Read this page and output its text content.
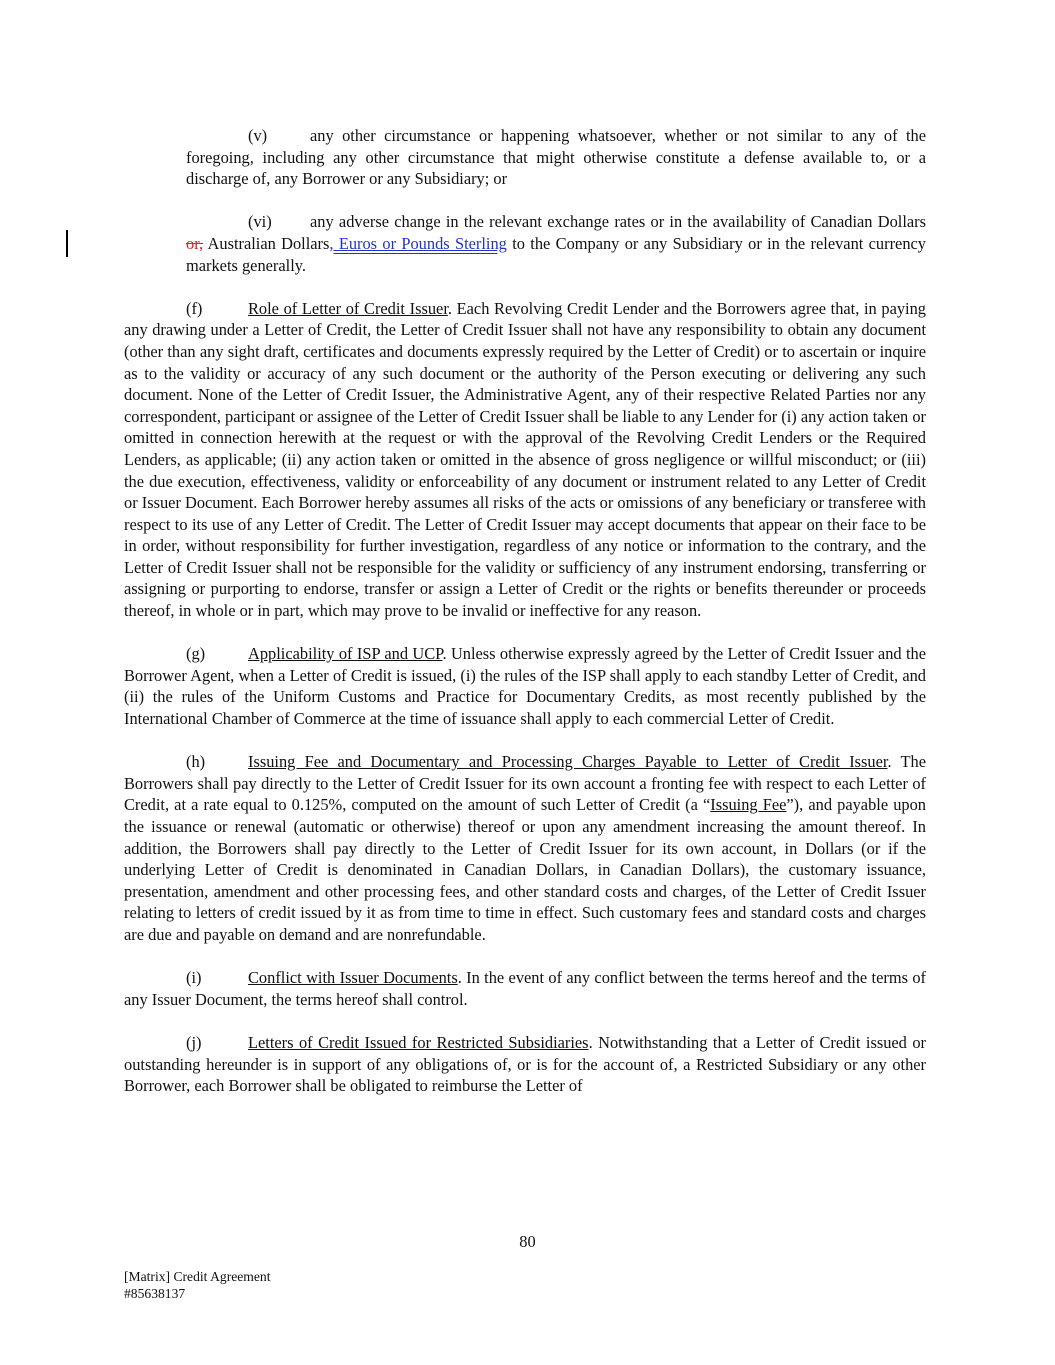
(v)	any other circumstance or happening whatsoever, whether or not similar to any of the foregoing, including any other circumstance that might otherwise constitute a defense available to, or a discharge of, any Borrower or any Subsidiary; or

(vi) any adverse change in the relevant exchange rates or in the availability of Canadian Dollars or, Australian Dollars, Euros or Pounds Sterling to the Company or any Subsidiary or in the relevant currency markets generally.

(f)	Role of Letter of Credit Issuer. Each Revolving Credit Lender and the Borrowers agree that, in paying any drawing under a Letter of Credit, the Letter of Credit Issuer shall not have any responsibility to obtain any document (other than any sight draft, certificates and documents expressly required by the Letter of Credit) or to ascertain or inquire as to the validity or accuracy of any such document or the authority of the Person executing or delivering any such document. None of the Letter of Credit Issuer, the Administrative Agent, any of their respective Related Parties nor any correspondent, participant or assignee of the Letter of Credit Issuer shall be liable to any Lender for (i) any action taken or omitted in connection herewith at the request or with the approval of the Revolving Credit Lenders or the Required Lenders, as applicable; (ii) any action taken or omitted in the absence of gross negligence or willful misconduct; or (iii) the due execution, effectiveness, validity or enforceability of any document or instrument related to any Letter of Credit or Issuer Document. Each Borrower hereby assumes all risks of the acts or omissions of any beneficiary or transferee with respect to its use of any Letter of Credit. The Letter of Credit Issuer may accept documents that appear on their face to be in order, without responsibility for further investigation, regardless of any notice or information to the contrary, and the Letter of Credit Issuer shall not be responsible for the validity or sufficiency of any instrument endorsing, transferring or assigning or purporting to endorse, transfer or assign a Letter of Credit or the rights or benefits thereunder or proceeds thereof, in whole or in part, which may prove to be invalid or ineffective for any reason.

(g)	Applicability of ISP and UCP. Unless otherwise expressly agreed by the Letter of Credit Issuer and the Borrower Agent, when a Letter of Credit is issued, (i) the rules of the ISP shall apply to each standby Letter of Credit, and (ii) the rules of the Uniform Customs and Practice for Documentary Credits, as most recently published by the International Chamber of Commerce at the time of issuance shall apply to each commercial Letter of Credit.

(h)	Issuing Fee and Documentary and Processing Charges Payable to Letter of Credit Issuer. The Borrowers shall pay directly to the Letter of Credit Issuer for its own account a fronting fee with respect to each Letter of Credit, at a rate equal to 0.125%, computed on the amount of such Letter of Credit (a “Issuing Fee”), and payable upon the issuance or renewal (automatic or otherwise) thereof or upon any amendment increasing the amount thereof. In addition, the Borrowers shall pay directly to the Letter of Credit Issuer for its own account, in Dollars (or if the underlying Letter of Credit is denominated in Canadian Dollars, in Canadian Dollars), the customary issuance, presentation, amendment and other processing fees, and other standard costs and charges, of the Letter of Credit Issuer relating to letters of credit issued by it as from time to time in effect. Such customary fees and standard costs and charges are due and payable on demand and are nonrefundable.

(i)	Conflict with Issuer Documents. In the event of any conflict between the terms hereof and the terms of any Issuer Document, the terms hereof shall control.

(j)	Letters of Credit Issued for Restricted Subsidiaries. Notwithstanding that a Letter of Credit issued or outstanding hereunder is in support of any obligations of, or is for the account of, a Restricted Subsidiary or any other Borrower, each Borrower shall be obligated to reimburse the Letter of

80
[Matrix] Credit Agreement
#85638137
